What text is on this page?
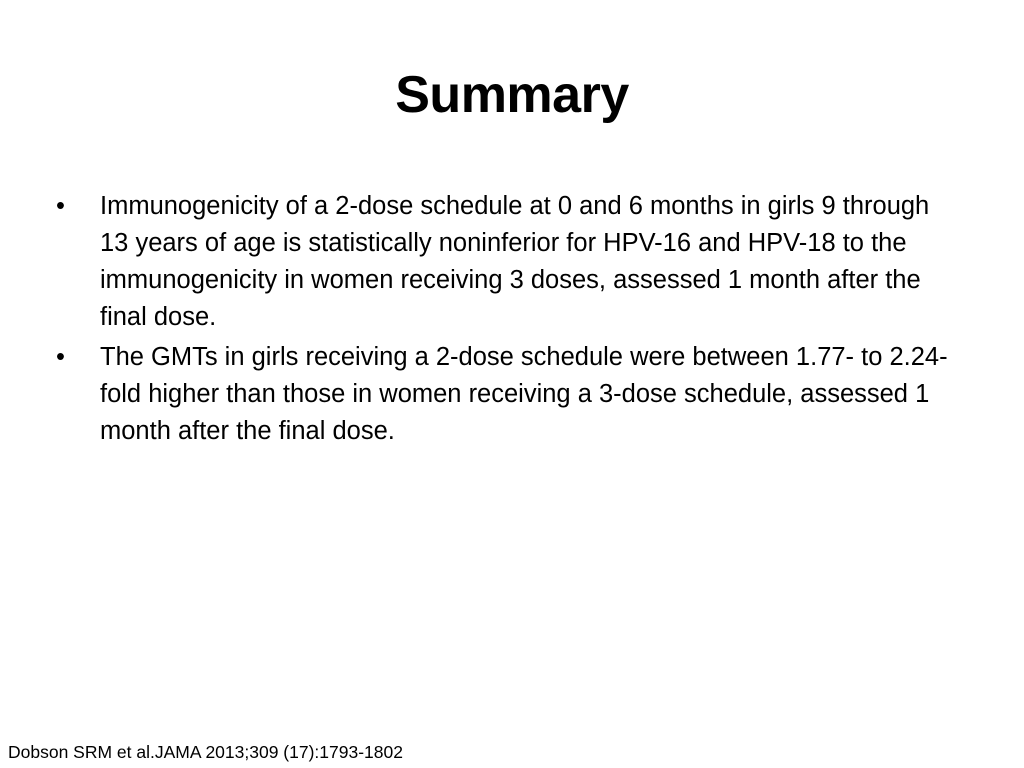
Summary
•	Immunogenicity of a 2-dose schedule at 0 and 6 months in girls 9 through 13 years of age is statistically noninferior for HPV-16 and HPV-18 to the immunogenicity in women receiving 3 doses, assessed 1 month after the final dose.
•	The GMTs in girls receiving a 2-dose schedule were between 1.77- to 2.24-fold higher than those in women receiving a 3-dose schedule, assessed 1 month after the final dose.
Dobson SRM et al.JAMA 2013;309 (17):1793-1802
